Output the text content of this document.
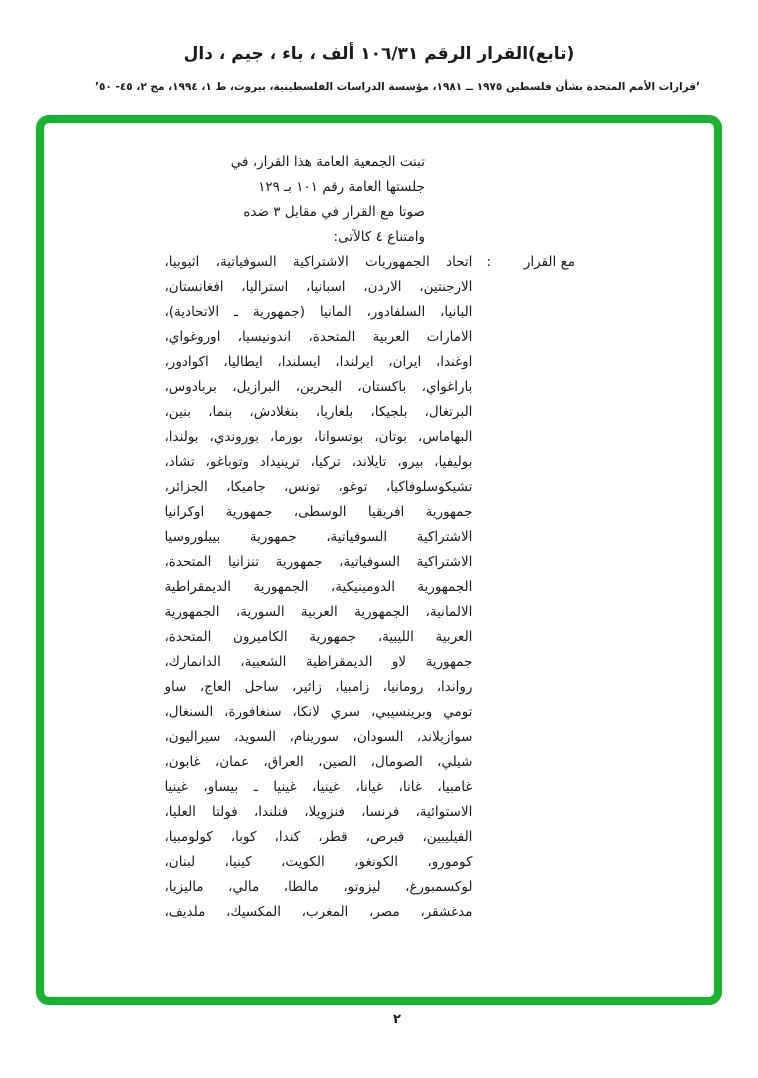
(تابع)القرار الرقم ١٠٦/٣١ ألف ، باء ، جيم ، دال
’قرارات الأمم المتحدة بشأن فلسطين ١٩٧٥ ــ ١٩٨١، مؤسسة الدراسات الفلسطينية، بيروت، ط ١، ١٩٩٤، مج ٢، ٤٥- ٥٠’
تبنت الجمعية العامة هذا القرار، في
جلستها العامة رقم ١٠١ بـ ١٢٩
صوتا مع القرار في مقابل ٣ ضده
وامتناع ٤ كالآتى:
مع القرار
:
اتحاد الجمهوريات الاشتراكية السوفياتية، اثيوبيا،
الارجنتين، الاردن، اسبانيا، استراليا، افغانستان،
البانيا، السلفادور، المانيا (جمهورية ـ الاتحادية)،
الامارات العربية المتحدة، اندونيسيا، اوروغواي،
اوغندا، ايران، ايرلندا، ايسلندا، ايطاليا، اكوادور،
باراغواي، باكستان، البحرين، البرازيل، بربادوس،
البرتغال، بلجيكا، بلغاريا، بنغلادش، بنما، بنين،
البهاماس، بوتان، بوتسوانا، بورما، بوروندي، بولندا،
بوليفيا، بيرو، تايلاند، تركيا، ترينيداد وتوباغو، تشاد،
تشيكوسلوفاكيا، توغو، تونس، جاميكا، الجزائر،
جمهورية افريقيا الوسطى، جمهورية اوكرانيا
الاشتراكية السوفياتية، جمهورية بييلوروسيا
الاشتراكية السوفياتية، جمهورية تنزانيا المتحدة،
الجمهورية الدومينيكية، الجمهورية الديمقراطية
الالمانية، الجمهورية العربية السورية، الجمهورية
العربية الليبية، جمهورية الكاميرون المتحدة،
جمهورية لاو الديمقراطية الشعبية، الدانمارك،
رواندا، رومانيا، زامبيا، زائير، ساحل العاج، ساو
تومي وبرينسيبي، سري لانكا، سنغافورة، السنغال،
سوازيلاند، السودان، سورينام، السويد، سيراليون،
شيلي، الصومال، الصين، العراق، عمان، غابون،
غامبيا، غانا، غيانا، غينيا، غينيا ـ بيساو، غينيا
الاستوائية، فرنسا، فنزويلا، فنلندا، فولتا العليا،
الفيليبين، قبرص، قطر، كندا، كوبا، كولومبيا،
كومورو، الكونغو، الكويت، كينيا، لبنان،
لوكسمبورغ، ليزوتو، مالطا، مالي، ماليزيا،
مدغشقر، مصر، المغرب، المكسيك، ملديف،
٢
